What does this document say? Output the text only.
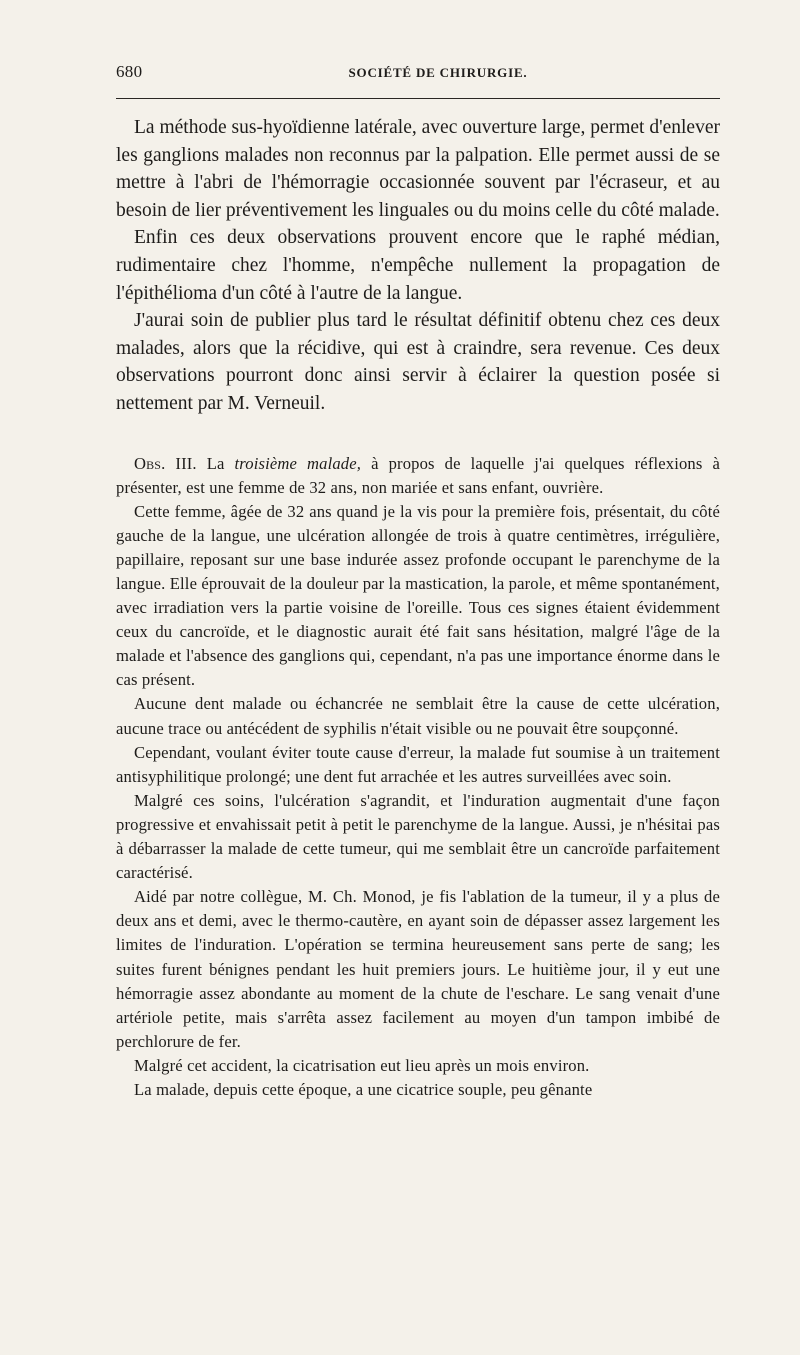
680	SOCIÉTÉ DE CHIRURGIE.

La méthode sus-hyoïdienne latérale, avec ouverture large, permet d'enlever les ganglions malades non reconnus par la palpation. Elle permet aussi de se mettre à l'abri de l'hémorragie occasionnée souvent par l'écraseur, et au besoin de lier préventivement les linguales ou du moins celle du côté malade.

Enfin ces deux observations prouvent encore que le raphé médian, rudimentaire chez l'homme, n'empêche nullement la propagation de l'épithélioma d'un côté à l'autre de la langue.

J'aurai soin de publier plus tard le résultat définitif obtenu chez ces deux malades, alors que la récidive, qui est à craindre, sera revenue. Ces deux observations pourront donc ainsi servir à éclairer la question posée si nettement par M. Verneuil.

Obs. III. La troisième malade, à propos de laquelle j'ai quelques réflexions à présenter, est une femme de 32 ans, non mariée et sans enfant, ouvrière.

Cette femme, âgée de 32 ans quand je la vis pour la première fois, présentait, du côté gauche de la langue, une ulcération allongée de trois à quatre centimètres, irrégulière, papillaire, reposant sur une base indurée assez profonde occupant le parenchyme de la langue. Elle éprouvait de la douleur par la mastication, la parole, et même spontanément, avec irradiation vers la partie voisine de l'oreille. Tous ces signes étaient évidemment ceux du cancroïde, et le diagnostic aurait été fait sans hésitation, malgré l'âge de la malade et l'absence des ganglions qui, cependant, n'a pas une importance énorme dans le cas présent.

Aucune dent malade ou échancrée ne semblait être la cause de cette ulcération, aucune trace ou antécédent de syphilis n'était visible ou ne pouvait être soupçonné.

Cependant, voulant éviter toute cause d'erreur, la malade fut soumise à un traitement antisyphilitique prolongé; une dent fut arrachée et les autres surveillées avec soin.

Malgré ces soins, l'ulcération s'agrandit, et l'induration augmentait d'une façon progressive et envahissait petit à petit le parenchyme de la langue. Aussi, je n'hésitai pas à débarrasser la malade de cette tumeur, qui me semblait être un cancroïde parfaitement caractérisé.

Aidé par notre collègue, M. Ch. Monod, je fis l'ablation de la tumeur, il y a plus de deux ans et demi, avec le thermo-cautère, en ayant soin de dépasser assez largement les limites de l'induration. L'opération se termina heureusement sans perte de sang; les suites furent bénignes pendant les huit premiers jours. Le huitième jour, il y eut une hémorragie assez abondante au moment de la chute de l'eschare. Le sang venait d'une artériole petite, mais s'arrêta assez facilement au moyen d'un tampon imbibé de perchlorure de fer.

Malgré cet accident, la cicatrisation eut lieu après un mois environ.

La malade, depuis cette époque, a une cicatrice souple, peu gênante
